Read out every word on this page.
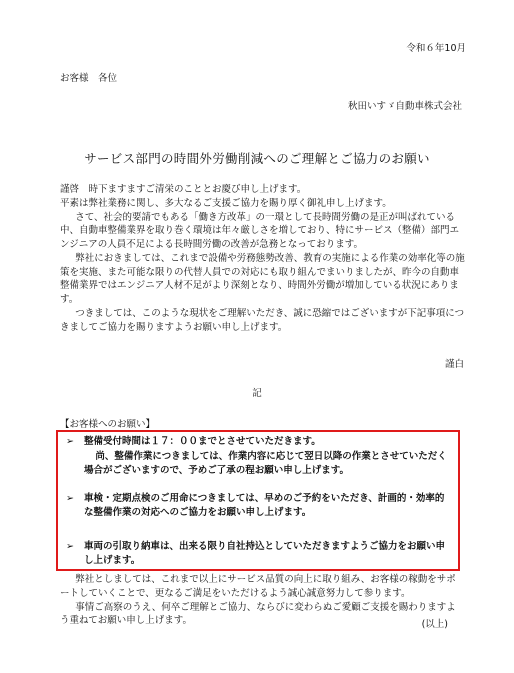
令和６年10月
お客様　各位
秋田いすゞ自動車株式会社
サービス部門の時間外労働削減へのご理解とご協力のお願い

謹啓　時下ますますご清栄のこととお慶び申し上げます。

平素は弊社業務に関し、多大なるご支援ご協力を賜り厚く御礼申し上げます。

さて、社会的要請でもある「働き方改革」の一環として長時間労働の是正が叫ばれている中、自動車整備業界を取り巻く環境は年々厳しさを増しており、特にサービス（整備）部門エンジニアの人員不足による長時間労働の改善が急務となっております。

弊社におきましては、これまで設備や労務態勢改善、教育の実施による作業の効率化等の施策を実施、また可能な限りの代替人員での対応にも取り組んでまいりましたが、昨今の自動車整備業界ではエンジニア人材不足がより深刻となり、時間外労働が増加している状況にあります。

つきましては、このような現状をご理解いただき、誠に恐縮ではございますが下記事項につきましてご協力を賜りますようお願い申し上げます。

謹白
記
【お客様へのお願い】
➢	整備受付時間は１７：００までとさせていただきます。
尚、整備作業につきましては、作業内容に応じて翌日以降の作業とさせていただく場合がございますので、予めご了承の程お願い申し上げます。
➢	車検・定期点検のご用命につきましては、早めのご予約をいただき、計画的・効率的な整備作業の対応へのご協力をお願い申し上げます。
➢	車両の引取り納車は、出来る限り自社持込としていただきますようご協力をお願い申し上げます。

弊社としましては、これまで以上にサービス品質の向上に取り組み、お客様の稼動をサポートしていくことで、更なるご満足をいただけるよう誠心誠意努力して参ります。

事情ご高察のうえ、何卒ご理解とご協力、ならびに変わらぬご愛顧ご支援を賜わりますよう重ねてお願い申し上げます。	(以上)
